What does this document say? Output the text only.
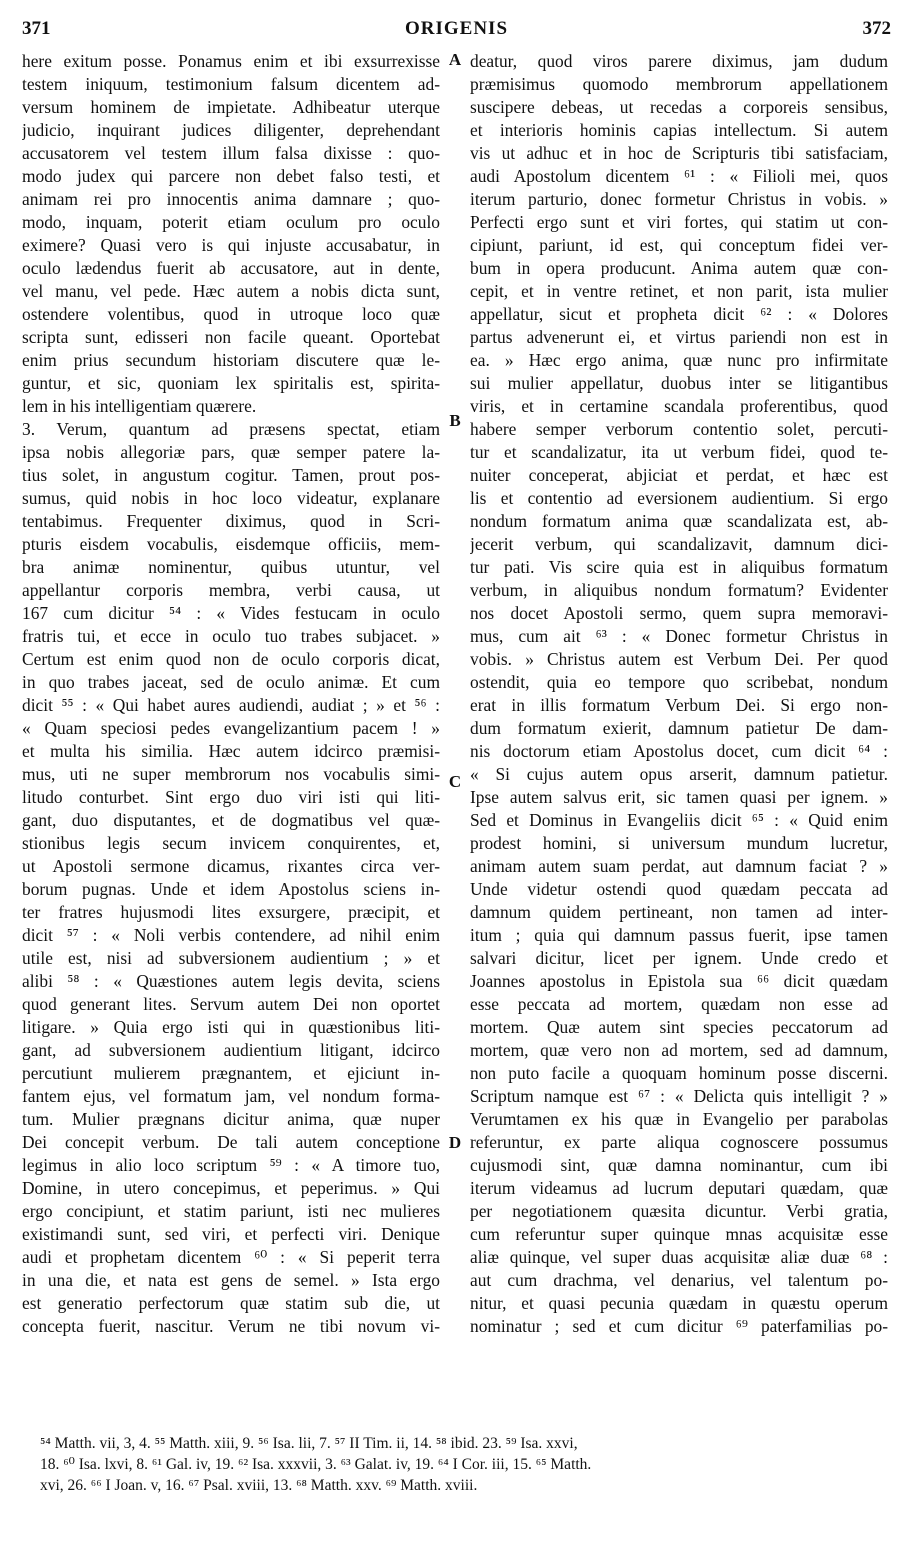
371	ORIGENIS	372
here exitum posse. Ponamus enim et ibi exsurrexisse
testem iniquum, testimonium falsum dicentem ad-
versum hominem de impietate. Adhibeatur uterque
judicio, inquirant judices diligenter, deprehendant
accusatorem vel testem illum falsa dixisse : quo-
modo judex qui parcere non debet falso testi, et
animam rei pro innocentis anima damnare ; quo-
modo, inquam, poterit etiam oculum pro oculo
eximere? Quasi vero is qui injuste accusabatur, in
oculo lædendus fuerit ab accusatore, aut in dente,
vel manu, vel pede. Hæc autem a nobis dicta sunt,
ostendere volentibus, quod in utroque loco quæ
scripta sunt, edisseri non facile queant. Oportebat
enim prius secundum historiam discutere quæ le-
guntur, et sic, quoniam lex spiritalis est, spirita-
lem in his intelligentiam quærere.
3. Verum, quantum ad præsens spectat, etiam
ipsa nobis allegoriæ pars, quæ semper patere la-
tius solet, in angustum cogitur. Tamen, prout pos-
sumus, quid nobis in hoc loco videatur, explanare
tentabimus. Frequenter diximus, quod in Scri-
pturis eisdem vocabulis, eisdemque officiis, mem-
bra animæ nominentur, quibus utuntur, vel
appellantur corporis membra, verbi causa, ut
167 cum dicitur ⁵⁴ : « Vides festucam in oculo
fratris tui, et ecce in oculo tuo trabes subjacet. »
Certum est enim quod non de oculo corporis dicat,
in quo trabes jaceat, sed de oculo animæ. Et cum
dicit ⁵⁵ : « Qui habet aures audiendi, audiat ; » et ⁵⁶ :
« Quam speciosi pedes evangelizantium pacem ! »
et multa his similia. Hæc autem idcirco præmisi-
mus, uti ne super membrorum nos vocabulis simi-
litudo conturbet. Sint ergo duo viri isti qui liti-
gant, duo disputantes, et de dogmatibus vel quæ-
stionibus legis secum invicem conquirentes, et,
ut Apostoli sermone dicamus, rixantes circa ver-
borum pugnas. Unde et idem Apostolus sciens in-
ter fratres hujusmodi lites exsurgere, præcipit, et
dicit ⁵⁷ : « Noli verbis contendere, ad nihil enim
utile est, nisi ad subversionem audientium ; » et
alibi ⁵⁸ : « Quæstiones autem legis devita, sciens
quod generant lites. Servum autem Dei non oportet
litigare. » Quia ergo isti qui in quæstionibus liti-
gant, ad subversionem audientium litigant, idcirco
percutiunt mulierem prægnantem, et ejiciunt in-
fantem ejus, vel formatum jam, vel nondum forma-
tum. Mulier prægnans dicitur anima, quæ nuper
Dei concepit verbum. De tali autem conceptione
legimus in alio loco scriptum ⁵⁹ : « A timore tuo,
Domine, in utero concepimus, et peperimus. » Qui
ergo concipiunt, et statim pariunt, isti nec mulieres
existimandi sunt, sed viri, et perfecti viri. Denique
audi et prophetam dicentem ⁶⁰ : « Si peperit terra
in una die, et nata est gens de semel. » Ista ergo
est generatio perfectorum quæ statim sub die, ut
concepta fuerit, nascitur. Verum ne tibi novum vi-
deatur, quod viros parere diximus, jam dudum
præmisimus quomodo membrorum appellationem
suscipere debeas, ut recedas a corporeis sensibus,
et interioris hominis capias intellectum. Si autem
vis ut adhuc et in hoc de Scripturis tibi satisfaciam,
audi Apostolum dicentem ⁶¹ : « Filioli mei, quos
iterum parturio, donec formetur Christus in vobis. »
Perfecti ergo sunt et viri fortes, qui statim ut con-
cipiunt, pariunt, id est, qui conceptum fidei ver-
bum in opera producunt. Anima autem quæ con-
cepit, et in ventre retinet, et non parit, ista mulier
appellatur, sicut et propheta dicit ⁶² : « Dolores
partus advenerunt ei, et virtus pariendi non est in
ea. » Hæc ergo anima, quæ nunc pro infirmitate
sui mulier appellatur, duobus inter se litigantibus
viris, et in certamine scandala proferentibus, quod
habere semper verborum contentio solet, percuti-
tur et scandalizatur, ita ut verbum fidei, quod te-
nuiter conceperat, abjiciat et perdat, et hæc est
lis et contentio ad eversionem audientium. Si ergo
nondum formatum anima quæ scandalizata est, ab-
jecerit verbum, qui scandalizavit, damnum dici-
tur pati. Vis scire quia est in aliquibus formatum
verbum, in aliquibus nondum formatum? Evidenter
nos docet Apostoli sermo, quem supra memoravi-
mus, cum ait ⁶³ : « Donec formetur Christus in
vobis. » Christus autem est Verbum Dei. Per quod
ostendit, quia eo tempore quo scribebat, nondum
erat in illis formatum Verbum Dei. Si ergo non-
dum formatum exierit, damnum patietur De dam-
nis doctorum etiam Apostolus docet, cum dicit ⁶⁴ :
« Si cujus autem opus arserit, damnum patietur.
Ipse autem salvus erit, sic tamen quasi per ignem. »
Sed et Dominus in Evangeliis dicit ⁶⁵ : « Quid enim
prodest homini, si universum mundum lucretur,
animam autem suam perdat, aut damnum faciat ? »
Unde videtur ostendi quod quædam peccata ad
damnum quidem pertineant, non tamen ad inter-
itum ; quia qui damnum passus fuerit, ipse tamen
salvari dicitur, licet per ignem. Unde credo et
Joannes apostolus in Epistola sua ⁶⁶ dicit quædam
esse peccata ad mortem, quædam non esse ad
mortem. Quæ autem sint species peccatorum ad
mortem, quæ vero non ad mortem, sed ad damnum,
non puto facile a quoquam hominum posse discerni.
Scriptum namque est ⁶⁷ : « Delicta quis intelligit ? »
Verumtamen ex his quæ in Evangelio per parabolas
referuntur, ex parte aliqua cognoscere possumus
cujusmodi sint, quæ damna nominantur, cum ibi
iterum videamus ad lucrum deputari quædam, quæ
per negotiationem quæsita dicuntur. Verbi gratia,
cum referuntur super quinque mnas acquisitæ esse
aliæ quinque, vel super duas acquisitæ aliæ duæ ⁶⁸ :
aut cum drachma, vel denarius, vel talentum po-
nitur, et quasi pecunia quædam in quæstu operum
nominatur ; sed et cum dicitur ⁶⁹ paterfamilias po-
A
B
C
D
⁵⁴ Matth. vii, 3, 4. ⁵⁵ Matth. xiii, 9. ⁵⁶ Isa. lii, 7. ⁵⁷ II Tim. ii, 14. ⁵⁸ ibid. 23. ⁵⁹ Isa. xxvi,
18. ⁶⁰ Isa. lxvi, 8. ⁶¹ Gal. iv, 19. ⁶² Isa. xxxvii, 3. ⁶³ Galat. iv, 19. ⁶⁴ I Cor. iii, 15. ⁶⁵ Matth.
xvi, 26. ⁶⁶ I Joan. v, 16. ⁶⁷ Psal. xviii, 13. ⁶⁸ Matth. xxv. ⁶⁹ Matth. xviii.
